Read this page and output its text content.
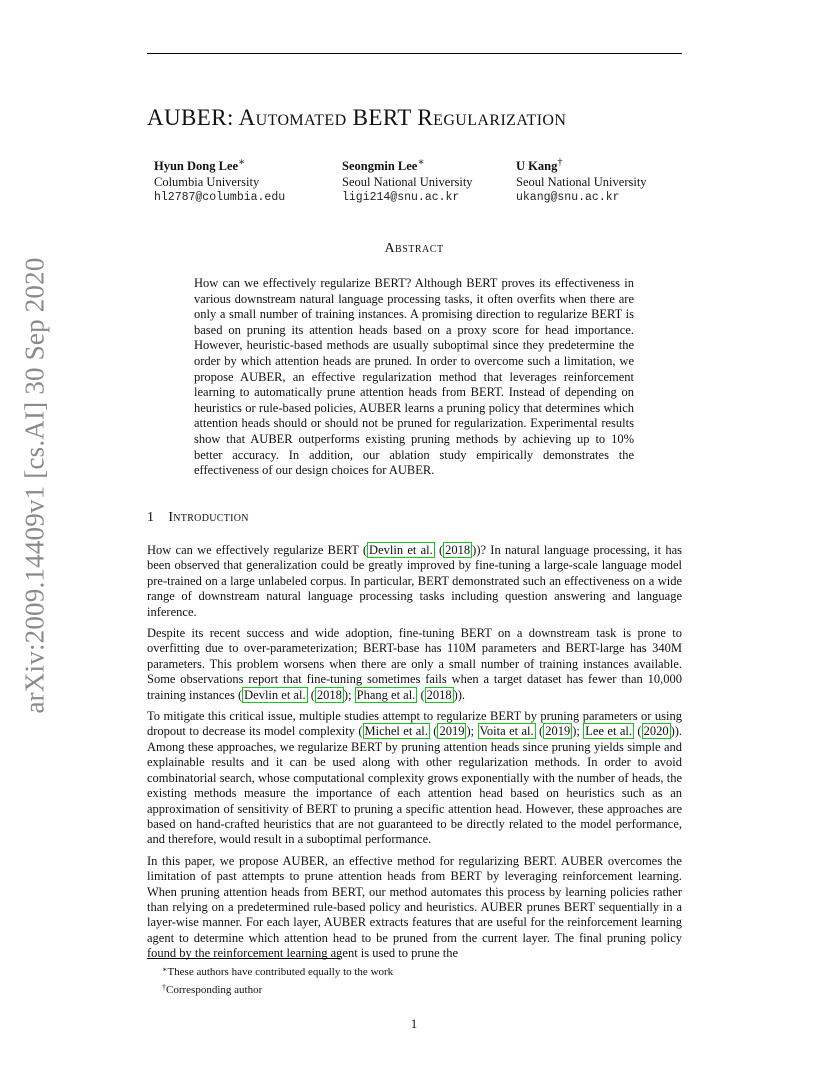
arXiv:2009.14409v1 [cs.AI] 30 Sep 2020
AUBER: Automated BERT Regularization
Hyun Dong Lee∗
Columbia University
hl2787@columbia.edu
Seongmin Lee∗
Seoul National University
ligi214@snu.ac.kr
U Kang†
Seoul National University
ukang@snu.ac.kr
Abstract

How can we effectively regularize BERT? Although BERT proves its effectiveness in various downstream natural language processing tasks, it often overfits when there are only a small number of training instances. A promising direction to regularize BERT is based on pruning its attention heads based on a proxy score for head importance. However, heuristic-based methods are usually suboptimal since they predetermine the order by which attention heads are pruned. In order to overcome such a limitation, we propose AUBER, an effective regularization method that leverages reinforcement learning to automatically prune attention heads from BERT. Instead of depending on heuristics or rule-based policies, AUBER learns a pruning policy that determines which attention heads should or should not be pruned for regularization. Experimental results show that AUBER outperforms existing pruning methods by achieving up to 10% better accuracy. In addition, our ablation study empirically demonstrates the effectiveness of our design choices for AUBER.

1 Introduction

How can we effectively regularize BERT ( Devlin et al. ( 2018 ))? In natural language processing, it has been observed that generalization could be greatly improved by fine-tuning a large-scale language model pre-trained on a large unlabeled corpus. In particular, BERT demonstrated such an effectiveness on a wide range of downstream natural language processing tasks including question answering and language inference.

Despite its recent success and wide adoption, fine-tuning BERT on a downstream task is prone to overfitting due to over-parameterization; BERT-base has 110M parameters and BERT-large has 340M parameters. This problem worsens when there are only a small number of training instances available. Some observations report that fine-tuning sometimes fails when a target dataset has fewer than 10,000 training instances ( Devlin et al. ( 2018 ); Phang et al. ( 2018 )).

To mitigate this critical issue, multiple studies attempt to regularize BERT by pruning parameters or using dropout to decrease its model complexity ( Michel et al. ( 2019 ); Voita et al. ( 2019 ); Lee et al. ( 2020 )). Among these approaches, we regularize BERT by pruning attention heads since pruning yields simple and explainable results and it can be used along with other regularization methods. In order to avoid combinatorial search, whose computational complexity grows exponentially with the number of heads, the existing methods measure the importance of each attention head based on heuristics such as an approximation of sensitivity of BERT to pruning a specific attention head. However, these approaches are based on hand-crafted heuristics that are not guaranteed to be directly related to the model performance, and therefore, would result in a suboptimal performance.

In this paper, we propose AUBER, an effective method for regularizing BERT. AUBER overcomes the limitation of past attempts to prune attention heads from BERT by leveraging reinforcement learning. When pruning attention heads from BERT, our method automates this process by learning policies rather than relying on a predetermined rule-based policy and heuristics. AUBER prunes BERT sequentially in a layer-wise manner. For each layer, AUBER extracts features that are useful for the reinforcement learning agent to determine which attention head to be pruned from the current layer. The final pruning policy found by the reinforcement learning agent is used to prune the

∗These authors have contributed equally to the work
†Corresponding author
1
